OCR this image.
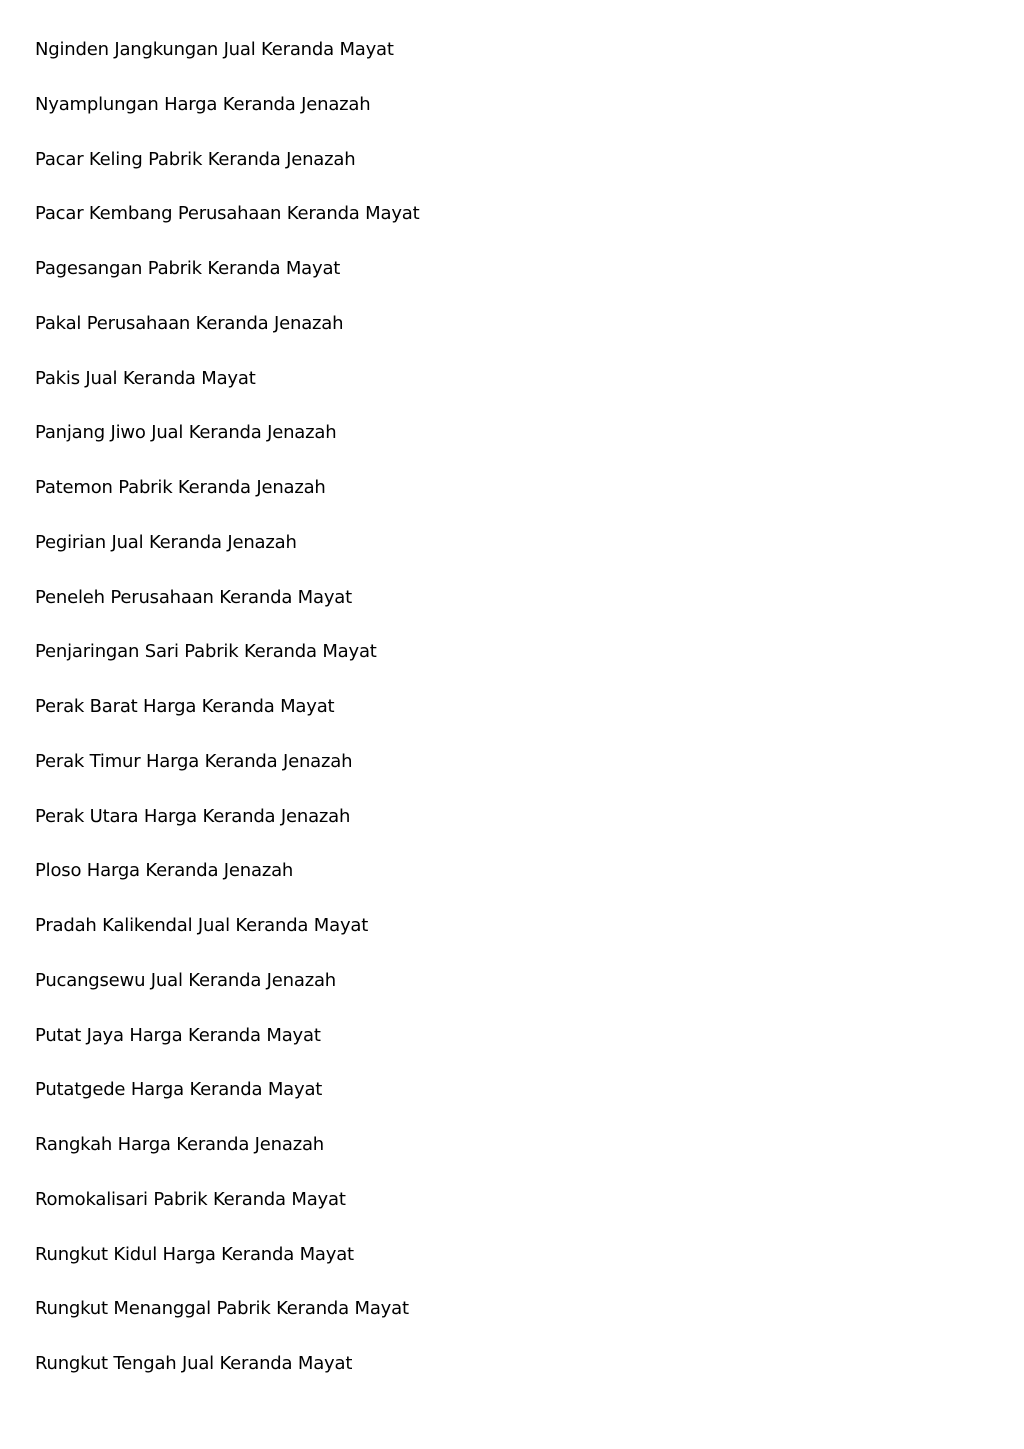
Nginden Jangkungan Jual Keranda Mayat
Nyamplungan Harga Keranda Jenazah
Pacar Keling Pabrik Keranda Jenazah
Pacar Kembang Perusahaan Keranda Mayat
Pagesangan Pabrik Keranda Mayat
Pakal Perusahaan Keranda Jenazah
Pakis Jual Keranda Mayat
Panjang Jiwo Jual Keranda Jenazah
Patemon Pabrik Keranda Jenazah
Pegirian Jual Keranda Jenazah
Peneleh Perusahaan Keranda Mayat
Penjaringan Sari Pabrik Keranda Mayat
Perak Barat Harga Keranda Mayat
Perak Timur Harga Keranda Jenazah
Perak Utara Harga Keranda Jenazah
Ploso Harga Keranda Jenazah
Pradah Kalikendal Jual Keranda Mayat
Pucangsewu Jual Keranda Jenazah
Putat Jaya Harga Keranda Mayat
Putatgede Harga Keranda Mayat
Rangkah Harga Keranda Jenazah
Romokalisari Pabrik Keranda Mayat
Rungkut Kidul Harga Keranda Mayat
Rungkut Menanggal Pabrik Keranda Mayat
Rungkut Tengah Jual Keranda Mayat
